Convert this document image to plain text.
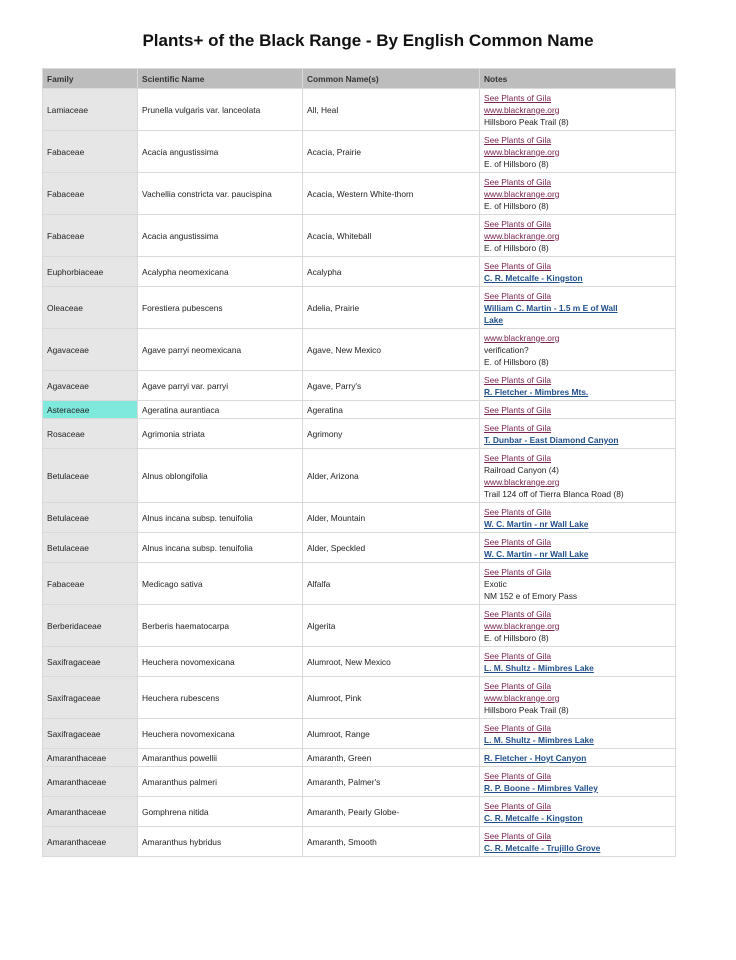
Plants+ of the Black Range - By English Common Name
Family	Scientific Name	Common Name(s)	Notes
Lamiaceae	Prunella vulgaris var. lanceolata	All, Heal	See Plants of Gila
www.blackrange.org
Hillsboro Peak Trail (8)

Fabaceae	Acacia angustissima	Acacia, Prairie	See Plants of Gila
www.blackrange.org
E. of Hillsboro (8)

Fabaceae	Vachellia constricta var. paucispina	Acacia, Western White-thorn	See Plants of Gila
www.blackrange.org
E. of Hillsboro (8)

Fabaceae	Acacia angustissima	Acacia, Whiteball	See Plants of Gila
www.blackrange.org
E. of Hillsboro (8)

Euphorbiaceae	Acalypha neomexicana	Acalypha	See Plants of Gila
C. R. Metcalfe - Kingston

Oleaceae	Forestiera pubescens	Adelia, Prairie	See Plants of Gila
William C. Martin - 1.5 m E of Wall
Lake

Agavaceae	Agave parryi neomexicana	Agave, New Mexico	www.blackrange.org
verification?
E. of Hillsboro (8)

Agavaceae	Agave parryi var. parryi	Agave, Parry's	See Plants of Gila
R. Fletcher - Mimbres Mts.

Asteraceae	Ageratina aurantiaca	Ageratina	See Plants of Gila

Rosaceae	Agrimonia striata	Agrimony	See Plants of Gila
T. Dunbar - East Diamond Canyon

Betulaceae	Alnus oblongifolia	Alder, Arizona	See Plants of Gila
Railroad Canyon (4)
www.blackrange.org
Trail 124 off of Tierra Blanca Road (8)

Betulaceae	Alnus incana subsp. tenuifolia	Alder, Mountain	See Plants of Gila
W. C. Martin - nr Wall Lake

Betulaceae	Alnus incana subsp. tenuifolia	Alder, Speckled	See Plants of Gila
W. C. Martin - nr Wall Lake

Fabaceae	Medicago sativa	Alfalfa	See Plants of Gila
Exotic
NM 152 e of Emory Pass

Berberidaceae	Berberis haematocarpa	Algerita	See Plants of Gila
www.blackrange.org
E. of Hillsboro (8)

Saxifragaceae	Heuchera novomexicana	Alumroot, New Mexico	See Plants of Gila
L. M. Shultz - Mimbres Lake

Saxifragaceae	Heuchera rubescens	Alumroot, Pink	See Plants of Gila
www.blackrange.org
Hillsboro Peak Trail (8)

Saxifragaceae	Heuchera novomexicana	Alumroot, Range	See Plants of Gila
L. M. Shultz - Mimbres Lake

Amaranthaceae	Amaranthus powellii	Amaranth, Green	R. Fletcher - Hoyt Canyon

Amaranthaceae	Amaranthus palmeri	Amaranth, Palmer's	See Plants of Gila
R. P. Boone - Mimbres Valley

Amaranthaceae	Gomphrena nitida	Amaranth, Pearly Globe-	See Plants of Gila
C. R. Metcalfe - Kingston

Amaranthaceae	Amaranthus hybridus	Amaranth, Smooth	See Plants of Gila
C. R. Metcalfe - Trujillo Grove
